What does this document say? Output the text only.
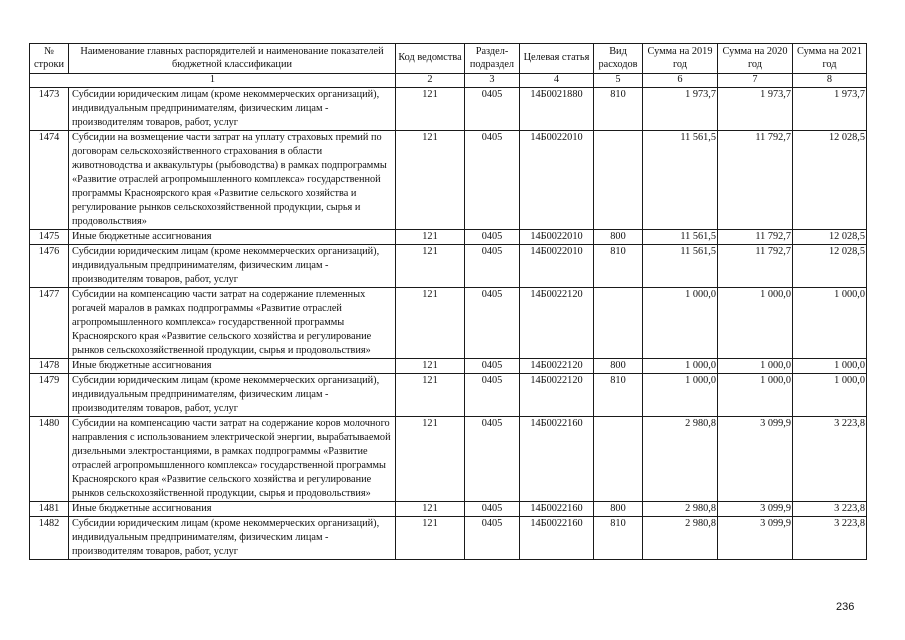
№ строки	Наименование главных распорядителей и наименование показателей бюджетной классификации	Код ведомства	Раздел-подраздел	Целевая статья	Вид расходов	Сумма на 2019 год	Сумма на 2020 год	Сумма на 2021 год
1		2	3	4	5	6	7	8
1473	Субсидии юридическим лицам (кроме некоммерческих организаций), индивидуальным предпринимателям, физическим лицам - производителям товаров, работ, услуг	121	0405	14Б0021880	810	1 973,7	1 973,7	1 973,7
1474	Субсидии на возмещение части затрат на уплату страховых премий по договорам сельскохозяйственного страхования в области животноводства и аквакультуры (рыбоводства) в рамках подпрограммы «Развитие отраслей агропромышленного комплекса» государственной программы Красноярского края «Развитие сельского хозяйства и регулирование рынков сельскохозяйственной продукции, сырья и продовольствия»	121	0405	14Б0022010		11 561,5	11 792,7	12 028,5
1475	Иные бюджетные ассигнования	121	0405	14Б0022010	800	11 561,5	11 792,7	12 028,5
1476	Субсидии юридическим лицам (кроме некоммерческих организаций), индивидуальным предпринимателям, физическим лицам - производителям товаров, работ, услуг	121	0405	14Б0022010	810	11 561,5	11 792,7	12 028,5
1477	Субсидии на компенсацию части затрат на содержание племенных рогачей маралов в рамках подпрограммы «Развитие отраслей агропромышленного комплекса» государственной программы Красноярского края «Развитие сельского хозяйства и регулирование рынков сельскохозяйственной продукции, сырья и продовольствия»	121	0405	14Б0022120		1 000,0	1 000,0	1 000,0
1478	Иные бюджетные ассигнования	121	0405	14Б0022120	800	1 000,0	1 000,0	1 000,0
1479	Субсидии юридическим лицам (кроме некоммерческих организаций), индивидуальным предпринимателям, физическим лицам - производителям товаров, работ, услуг	121	0405	14Б0022120	810	1 000,0	1 000,0	1 000,0
1480	Субсидии на компенсацию части затрат на содержание коров молочного направления с использованием электрической энергии, вырабатываемой дизельными электростанциями, в рамках подпрограммы «Развитие отраслей агропромышленного комплекса» государственной программы Красноярского края «Развитие сельского хозяйства и регулирование рынков сельскохозяйственной продукции, сырья и продовольствия»	121	0405	14Б0022160		2 980,8	3 099,9	3 223,8
1481	Иные бюджетные ассигнования	121	0405	14Б0022160	800	2 980,8	3 099,9	3 223,8
1482	Субсидии юридическим лицам (кроме некоммерческих организаций), индивидуальным предпринимателям, физическим лицам - производителям товаров, работ, услуг	121	0405	14Б0022160	810	2 980,8	3 099,9	3 223,8
236
